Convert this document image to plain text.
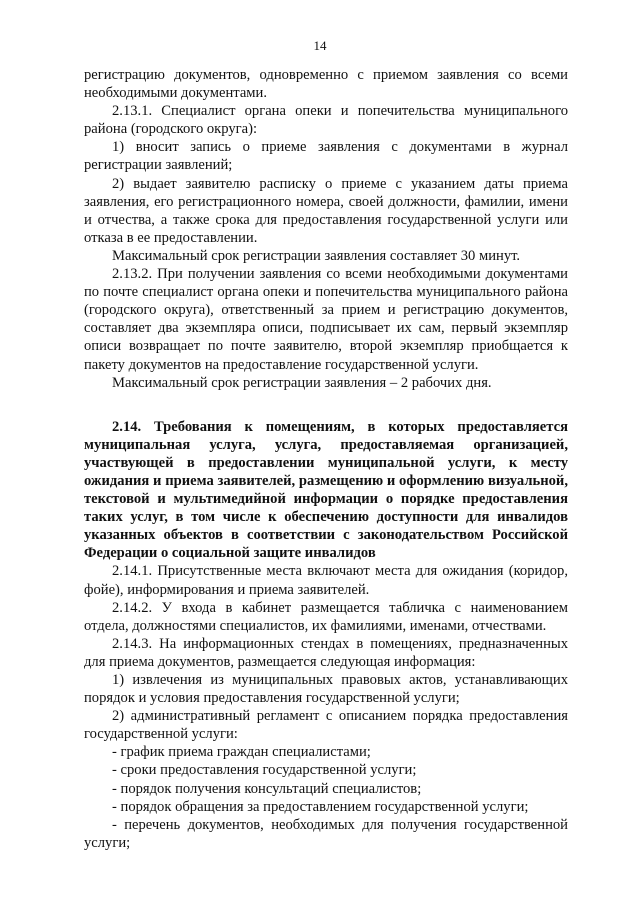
14

регистрацию документов, одновременно с приемом заявления со всеми необходимыми документами.

2.13.1. Специалист органа опеки и попечительства муниципального района (городского округа):

1) вносит запись о приеме заявления с документами в журнал регистрации заявлений;

2) выдает заявителю расписку о приеме с указанием даты приема заявления, его регистрационного номера, своей должности, фамилии, имени и отчества, а также срока для предоставления государственной услуги или отказа в ее предоставлении.

Максимальный срок регистрации заявления составляет 30 минут.

2.13.2. При получении заявления со всеми необходимыми документами по почте специалист органа опеки и попечительства муниципального района (городского округа), ответственный за прием и регистрацию документов, составляет два экземпляра описи, подписывает их сам, первый экземпляр описи возвращает по почте заявителю, второй экземпляр приобщается к пакету документов на предоставление государственной услуги.

Максимальный срок регистрации заявления – 2 рабочих дня.

2.14. Требования к помещениям, в которых предоставляется муниципальная услуга, услуга, предоставляемая организацией, участвующей в предоставлении муниципальной услуги, к месту ожидания и приема заявителей, размещению и оформлению визуальной, текстовой и мультимедийной информации о порядке предоставления таких услуг, в том числе к обеспечению доступности для инвалидов указанных объектов в соответствии с законодательством Российской Федерации о социальной защите инвалидов

2.14.1. Присутственные места включают места для ожидания (коридор, фойе), информирования и приема заявителей.

2.14.2. У входа в кабинет размещается табличка с наименованием отдела, должностями специалистов, их фамилиями, именами, отчествами.

2.14.3. На информационных стендах в помещениях, предназначенных для приема документов, размещается следующая информация:

1) извлечения из муниципальных правовых актов, устанавливающих порядок и условия предоставления государственной услуги;

2) административный регламент с описанием порядка предоставления государственной услуги:

- график приема граждан специалистами;

- сроки предоставления государственной услуги;

- порядок получения консультаций специалистов;

- порядок обращения за предоставлением государственной услуги;

- перечень документов, необходимых для получения государственной услуги;
